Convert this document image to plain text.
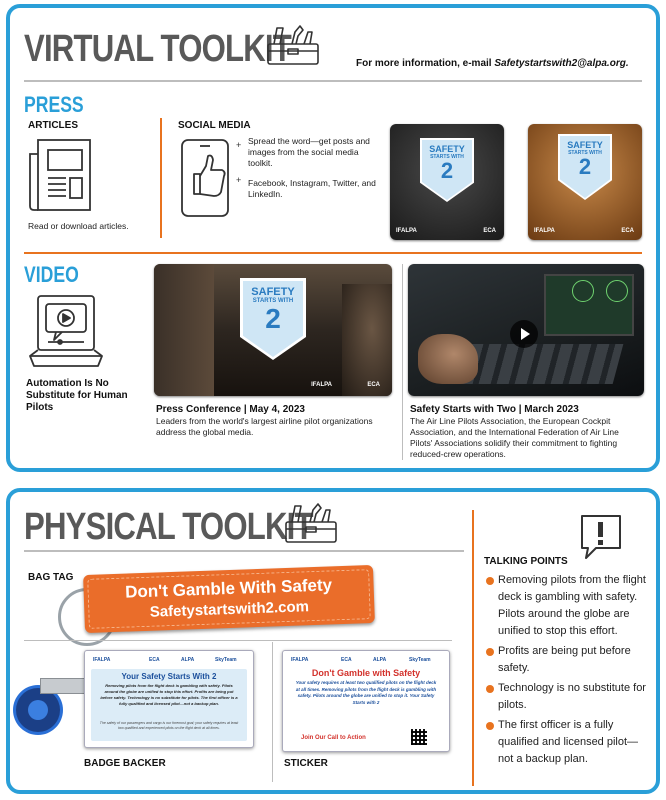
VIRTUAL TOOLKIT	For more information, e-mail Safetystartswith2@alpa.org.
PRESS
ARTICLES
Read or download articles.
SOCIAL MEDIA
Spread the word—get posts and images from the social media toolkit.
+
+
Facebook, Instagram, Twitter, and LinkedIn.
SAFETY
STARTS WITH
2
IFALPA	ECA
SAFETY
STARTS WITH
2
IFALPA	ECA
VIDEO
Automation Is No Substitute for Human Pilots
SAFETY
STARTS WITH
2
IFALPA	ECA
Press Conference | May 4, 2023
Leaders from the world's largest airline pilot organizations address the global media.
Safety Starts with Two | March 2023
The Air Line Pilots Association, the European Cockpit Association, and the International Federation of Air Line Pilots' Associations solidify their commitment to fighting reduced-crew operations.
PHYSICAL TOOLKIT
BAG TAG	Don't Gamble With Safety
Safetystartswith2.com
IFALPA	ECA	ALPA	SkyTeam
Your Safety Starts With 2
Removing pilots from the flight deck is gambling with safety. Pilots around the globe are unified to stop this effort. Profits are being put before safety. Technology is no substitute for pilots. The first officer is a fully qualified and licensed pilot—not a backup plan.
The safety of our passengers and cargo is our foremost goal; your safety requires at least two qualified and experienced pilots on the flight deck at all times.
BADGE BACKER
IFALPA	ECA	ALPA	SkyTeam
Don't Gamble with Safety
Your safety requires at least two qualified pilots on the flight deck at all times. Removing pilots from the flight deck is gambling with safety. Pilots around the globe are unified to stop it. Your Safety Starts with 2
Join Our Call to Action
STICKER
TALKING POINTS
Removing pilots from the flight deck is gambling with safety. Pilots around the globe are unified to stop this effort.
Profits are being put before safety.
Technology is no substitute for pilots.
The first officer is a fully qualified and licensed pilot—not a backup plan.
